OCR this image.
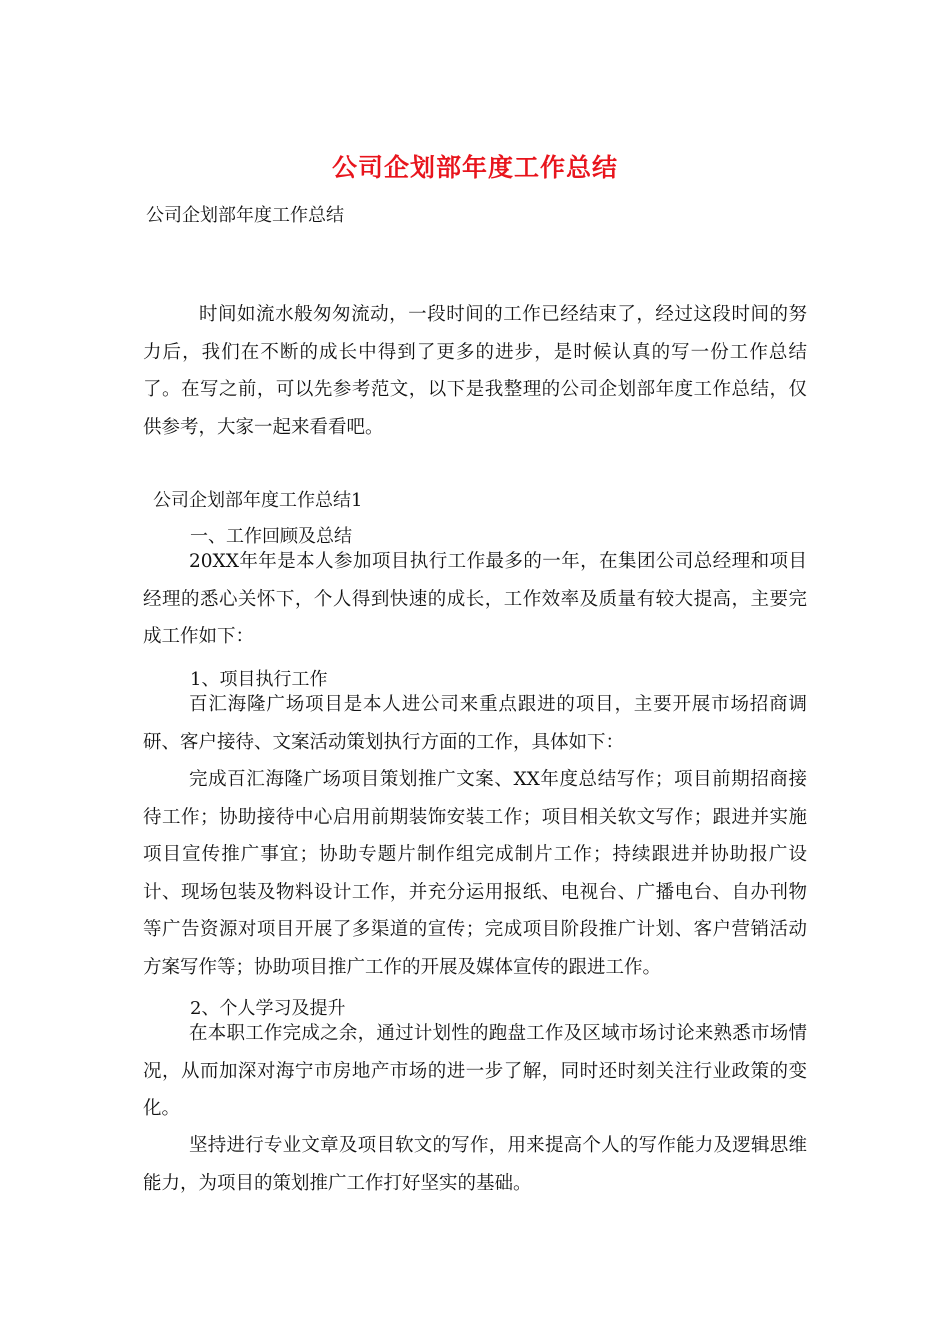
公司企划部年度工作总结
公司企划部年度工作总结
时间如流水般匆匆流动，一段时间的工作已经结束了，经过这段时间的努力后，我们在不断的成长中得到了更多的进步，是时候认真的写一份工作总结了。在写之前，可以先参考范文，以下是我整理的公司企划部年度工作总结，仅供参考，大家一起来看看吧。
公司企划部年度工作总结1
一、工作回顾及总结
20XX年年是本人参加项目执行工作最多的一年，在集团公司总经理和项目经理的悉心关怀下，个人得到快速的成长，工作效率及质量有较大提高，主要完成工作如下：
1、项目执行工作
百汇海隆广场项目是本人进公司来重点跟进的项目，主要开展市场招商调研、客户接待、文案活动策划执行方面的工作，具体如下：
完成百汇海隆广场项目策划推广文案、XX年度总结写作；项目前期招商接待工作；协助接待中心启用前期装饰安装工作；项目相关软文写作；跟进并实施项目宣传推广事宜；协助专题片制作组完成制片工作；持续跟进并协助报广设计、现场包装及物料设计工作，并充分运用报纸、电视台、广播电台、自办刊物等广告资源对项目开展了多渠道的宣传；完成项目阶段推广计划、客户营销活动方案写作等；协助项目推广工作的开展及媒体宣传的跟进工作。
2、个人学习及提升
在本职工作完成之余，通过计划性的跑盘工作及区域市场讨论来熟悉市场情况，从而加深对海宁市房地产市场的进一步了解，同时还时刻关注行业政策的变化。
坚持进行专业文章及项目软文的写作，用来提高个人的写作能力及逻辑思维能力，为项目的策划推广工作打好坚实的基础。
